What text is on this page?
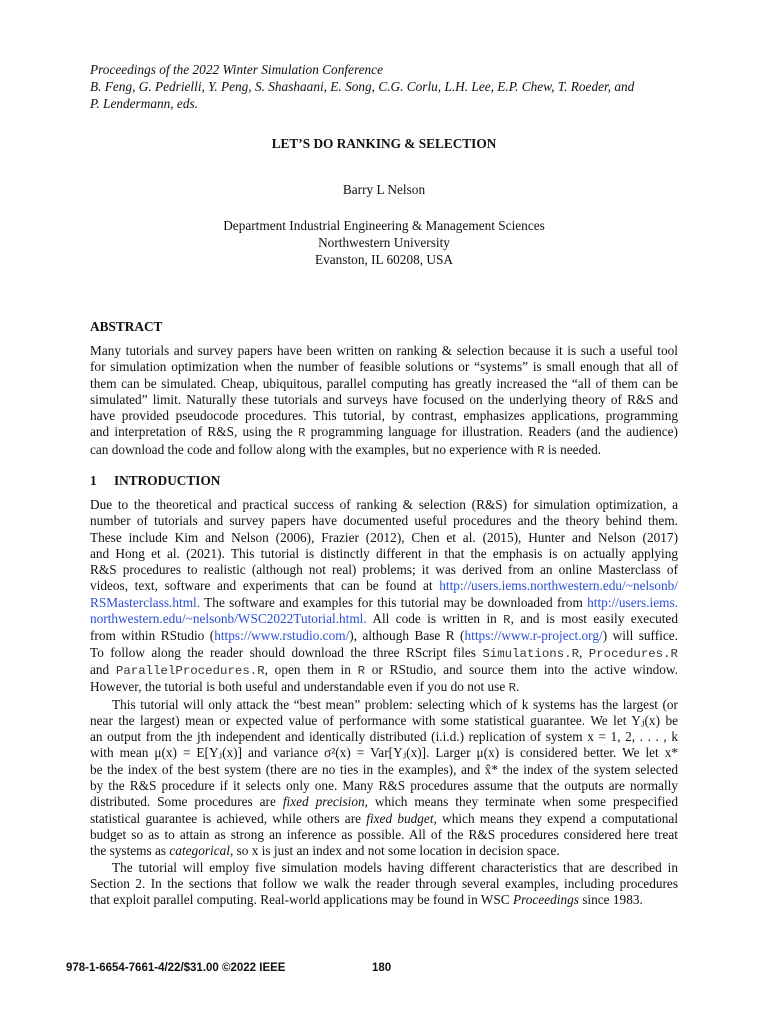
Proceedings of the 2022 Winter Simulation Conference
B. Feng, G. Pedrielli, Y. Peng, S. Shashaani, E. Song, C.G. Corlu, L.H. Lee, E.P. Chew, T. Roeder, and
P. Lendermann, eds.
LET’S DO RANKING & SELECTION
Barry L Nelson
Department Industrial Engineering & Management Sciences
Northwestern University
Evanston, IL 60208, USA
ABSTRACT
Many tutorials and survey papers have been written on ranking & selection because it is such a useful tool
for simulation optimization when the number of feasible solutions or “systems” is small enough that all of
them can be simulated. Cheap, ubiquitous, parallel computing has greatly increased the “all of them can be
simulated” limit. Naturally these tutorials and surveys have focused on the underlying theory of R&S and
have provided pseudocode procedures. This tutorial, by contrast, emphasizes applications, programming
and interpretation of R&S, using the R programming language for illustration. Readers (and the audience)
can download the code and follow along with the examples, but no experience with R is needed.
1 INTRODUCTION
Due to the theoretical and practical success of ranking & selection (R&S) for simulation optimization, a
number of tutorials and survey papers have documented useful procedures and the theory behind them.
These include Kim and Nelson (2006), Frazier (2012), Chen et al. (2015), Hunter and Nelson (2017)
and Hong et al. (2021). This tutorial is distinctly different in that the emphasis is on actually applying
R&S procedures to realistic (although not real) problems; it was derived from an online Masterclass of
videos, text, software and experiments that can be found at http://users.iems.northwestern.edu/~nelsonb/
RSMasterclass.html. The software and examples for this tutorial may be downloaded from http://users.iems.
northwestern.edu/~nelsonb/WSC2022Tutorial.html. All code is written in R, and is most easily executed
from within RStudio (https://www.rstudio.com/), although Base R (https://www.r-project.org/) will suffice.
To follow along the reader should download the three RScript files Simulations.R, Procedures.R
and ParallelProcedures.R, open them in R or RStudio, and source them into the active window.
However, the tutorial is both useful and understandable even if you do not use R.
This tutorial will only attack the “best mean” problem: selecting which of k systems has the largest (or
near the largest) mean or expected value of performance with some statistical guarantee. We let Yⱼ(x) be
an output from the jth independent and identically distributed (i.i.d.) replication of system x = 1, 2, . . . , k
with mean μ(x) = E[Yⱼ(x)] and variance σ²(x) = Var[Yⱼ(x)]. Larger μ(x) is considered better. We let x*
be the index of the best system (there are no ties in the examples), and x̂* the index of the system selected
by the R&S procedure if it selects only one. Many R&S procedures assume that the outputs are normally
distributed. Some procedures are fixed precision, which means they terminate when some prespecified
statistical guarantee is achieved, while others are fixed budget, which means they expend a computational
budget so as to attain as strong an inference as possible. All of the R&S procedures considered here treat
the systems as categorical, so x is just an index and not some location in decision space.
The tutorial will employ five simulation models having different characteristics that are described in
Section 2. In the sections that follow we walk the reader through several examples, including procedures
that exploit parallel computing. Real-world applications may be found in WSC Proceedings since 1983.
978-1-6654-7661-4/22/$31.00 ©2022 IEEE	180
